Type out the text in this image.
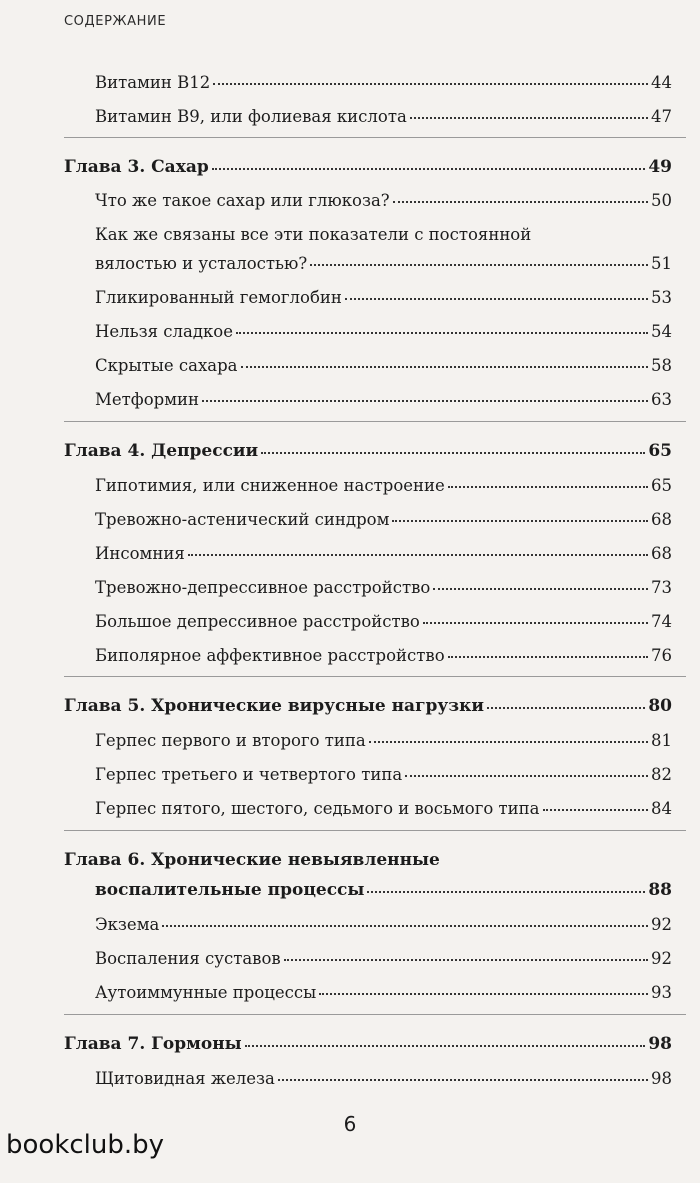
СОДЕРЖАНИЕ
Витамин В12	44
Витамин В9, или фолиевая кислота	47
Глава 3. Сахар	49
Что же такое сахар или глюкоза?	50
Как же связаны все эти показатели с постоянной
вялостью и усталостью?	51
Гликированный гемоглобин	53
Нельзя сладкое	54
Скрытые сахара	58
Метформин	63
Глава 4. Депрессии	65
Гипотимия, или сниженное настроение	65
Тревожно-астенический синдром	68
Инсомния	68
Тревожно-депрессивное расстройство	73
Большое депрессивное расстройство	74
Биполярное аффективное расстройство	76
Глава 5. Хронические вирусные нагрузки	80
Герпес первого и второго типа	81
Герпес третьего и четвертого типа	82
Герпес пятого, шестого, седьмого и восьмого типа	84
Глава 6. Хронические невыявленные
воспалительные процессы	88
Экзема	92
Воспаления суставов	92
Аутоиммунные процессы	93
Глава 7. Гормоны	98
Щитовидная железа	98
6
bookclub.by
